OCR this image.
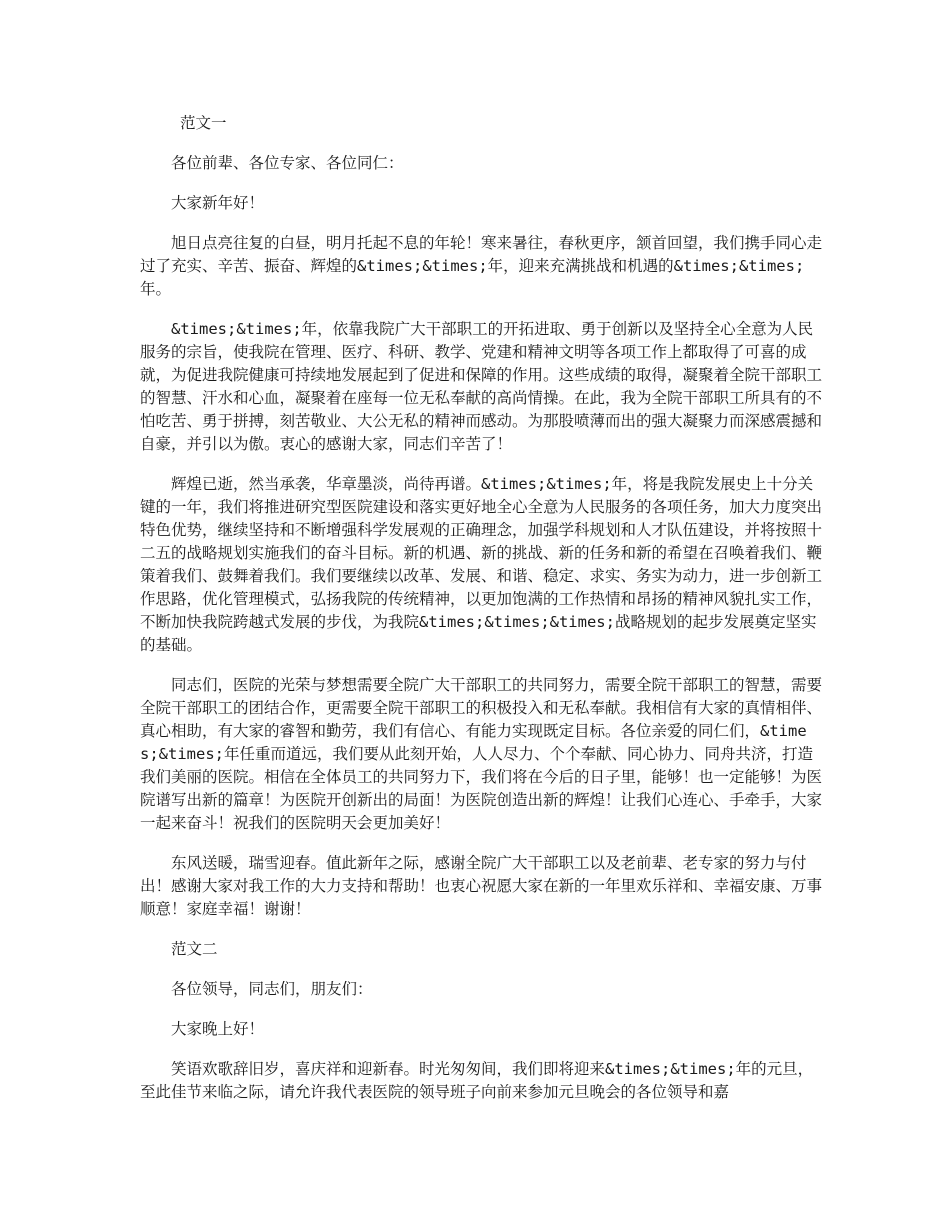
范文一

各位前辈、各位专家、各位同仁：

大家新年好！

旭日点亮往复的白昼，明月托起不息的年轮！寒来暑往，春秋更序，颔首回望，我们携手同心走过了充实、辛苦、振奋、辉煌的&times;&times;年，迎来充满挑战和机遇的&times;&times;年。

&times;&times;年，依靠我院广大干部职工的开拓进取、勇于创新以及坚持全心全意为人民服务的宗旨，使我院在管理、医疗、科研、教学、党建和精神文明等各项工作上都取得了可喜的成就，为促进我院健康可持续地发展起到了促进和保障的作用。这些成绩的取得，凝聚着全院干部职工的智慧、汗水和心血，凝聚着在座每一位无私奉献的高尚情操。在此，我为全院干部职工所具有的不怕吃苦、勇于拼搏，刻苦敬业、大公无私的精神而感动。为那股喷薄而出的强大凝聚力而深感震撼和自豪，并引以为傲。衷心的感谢大家，同志们辛苦了！

辉煌已逝，然当承袭，华章墨淡，尚待再谱。&times;&times;年，将是我院发展史上十分关键的一年，我们将推进研究型医院建设和落实更好地全心全意为人民服务的各项任务，加大力度突出特色优势，继续坚持和不断增强科学发展观的正确理念，加强学科规划和人才队伍建设，并将按照十二五的战略规划实施我们的奋斗目标。新的机遇、新的挑战、新的任务和新的希望在召唤着我们、鞭策着我们、鼓舞着我们。我们要继续以改革、发展、和谐、稳定、求实、务实为动力，进一步创新工作思路，优化管理模式，弘扬我院的传统精神，以更加饱满的工作热情和昂扬的精神风貌扎实工作，不断加快我院跨越式发展的步伐，为我院&times;&times;&times;战略规划的起步发展奠定坚实的基础。

同志们，医院的光荣与梦想需要全院广大干部职工的共同努力，需要全院干部职工的智慧，需要全院干部职工的团结合作，更需要全院干部职工的积极投入和无私奉献。我相信有大家的真情相伴、真心相助，有大家的睿智和勤劳，我们有信心、有能力实现既定目标。各位亲爱的同仁们，&times;&times;年任重而道远，我们要从此刻开始，人人尽力、个个奉献、同心协力、同舟共济，打造我们美丽的医院。相信在全体员工的共同努力下，我们将在今后的日子里，能够！也一定能够！为医院谱写出新的篇章！为医院开创新出的局面！为医院创造出新的辉煌！让我们心连心、手牵手，大家一起来奋斗！祝我们的医院明天会更加美好！

东风送暖，瑞雪迎春。值此新年之际，感谢全院广大干部职工以及老前辈、老专家的努力与付出！感谢大家对我工作的大力支持和帮助！也衷心祝愿大家在新的一年里欢乐祥和、幸福安康、万事顺意！家庭幸福！谢谢！

范文二

各位领导，同志们，朋友们：

大家晚上好！

笑语欢歌辞旧岁，喜庆祥和迎新春。时光匆匆间，我们即将迎来&times;&times;年的元旦，至此佳节来临之际，请允许我代表医院的领导班子向前来参加元旦晚会的各位领导和嘉
